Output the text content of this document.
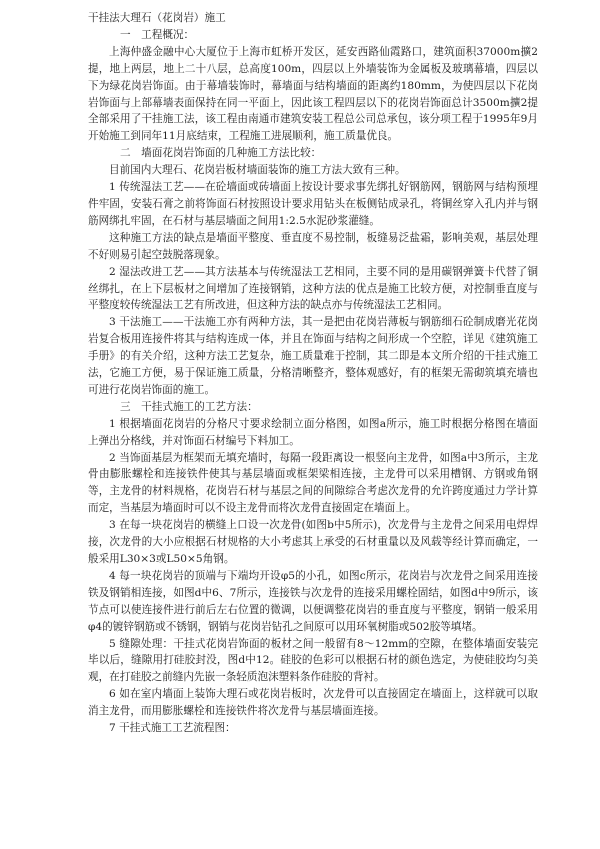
干挂法大理石（花岗岩）施工
一　工程概况：

上海仲盛金融中心大厦位于上海市虹桥开发区，延安西路仙霞路口，建筑面积37000m擴2提，地上两层，地上二十八层，总高度100m，四层以上外墙装饰为金属板及玻璃幕墙，四层以下为绿花岗岩饰面。由于幕墙装饰时，幕墙面与结构墙面的距离约180mm，为使四层以下花岗岩饰面与上部幕墙表面保持在同一平面上，因此该工程四层以下的花岗岩饰面总计3500m擴2提全部采用了干挂施工法，该工程由南通市建筑安装工程总公司总承包，该分项工程于1995年9月开始施工到同年11月底结束，工程施工进展顺利，施工质量优良。

二　墙面花岗岩饰面的几种施工方法比较：

目前国内大理石、花岗岩板材墙面装饰的施工方法大致有三种。

1 传统湿法工艺——在砼墙面或砖墙面上按设计要求事先绑扎好钢筋网，钢筋网与结构预埋件牢固，安装石膏之前将饰面石材按照设计要求用钻头在板侧钻成录孔，将铜丝穿入孔内并与钢筋网绑扎牢固，在石材与基层墙面之间用1:2.5水泥砂浆灌缝。

这种施工方法的缺点是墙面平整度、垂直度不易控制，板缝易泛盐霜，影响美观，基层处理不好则易引起空鼓脱落现象。

2 湿法改进工艺——其方法基本与传统湿法工艺相同，主要不同的是用碳钢弹簧卡代替了铜丝绑扎，在上下层板材之间增加了连接钢销，这种方法的优点是施工比较方便，对控制垂直度与平整度较传统湿法工艺有所改进，但这种方法的缺点亦与传统湿法工艺相同。

3 干法施工——干法施工亦有两种方法，其一是把由花岗岩薄板与钢筋细石砼制成磨光花岗岩复合板用连接件将其与结构连成一体，并且在饰面与结构之间形成一个空腔，详见《建筑施工手册》的有关介绍，这种方法工艺复杂，施工质量难于控制，其二即是本文所介绍的干挂式施工法，它施工方便，易于保证施工质量，分格清晰整齐，整体观感好，有的框架无需砌筑填充墙也可进行花岗岩饰面的施工。

三　干挂式施工的工艺方法：

1 根据墙面花岗岩的分格尺寸要求绘制立面分格图，如图a所示，施工时根据分格图在墙面上弹出分格线，并对饰面石材编号下料加工。

2 当饰面基层为框架而无填充墙时，每隔一段距离设一根竖向主龙骨，如图a中3所示，主龙骨由膨胀螺栓和连接铁件使其与基层墙面或框架梁相连接，主龙骨可以采用槽钢、方钢或角钢等，主龙骨的材料规格，花岗岩石材与基层之间的间隙综合考虑次龙骨的允许跨度通过力学计算而定，当基层为墙面时可以不设主龙骨而将次龙骨直接固定在墙面上。

3 在每一块花岗岩的横缝上口设一次龙骨(如图b中5所示)，次龙骨与主龙骨之间采用电焊焊接，次龙骨的大小应根据石材规格的大小考虑其上承受的石材重量以及风载等经计算而确定，一般采用L30×3或L50×5角钢。

4 每一块花岗岩的顶端与下端均开设φ5的小孔，如图c所示，花岗岩与次龙骨之间采用连接铁及钢销相连接，如图d中6、7所示，连接铁与次龙骨的连接采用螺栓固结，如图d中9所示，该节点可以使连接件进行前后左右位置的微调，以便调整花岗岩的垂直度与平整度，钢销一般采用φ4的镀锌钢筋或不锈钢，钢销与花岗岩钻孔之间原可以用环氧树脂或502胶等填堵。

5 缝隙处理：干挂式花岗岩饰面的板材之间一般留有8～12mm的空隙，在整体墙面安装完毕以后，缝隙用打硅胶封没，图d中12。硅胶的色彩可以根据石材的颜色选定，为使硅胶均匀美观，在打硅胶之前缝内先嵌一条轻质泡沫塑料条作硅胶的背衬。

6 如在室内墙面上装饰大理石或花岗岩板时，次龙骨可以直接固定在墙面上，这样就可以取消主龙骨，而用膨胀螺栓和连接铁件将次龙骨与基层墙面连接。

7 干挂式施工工艺流程图：
